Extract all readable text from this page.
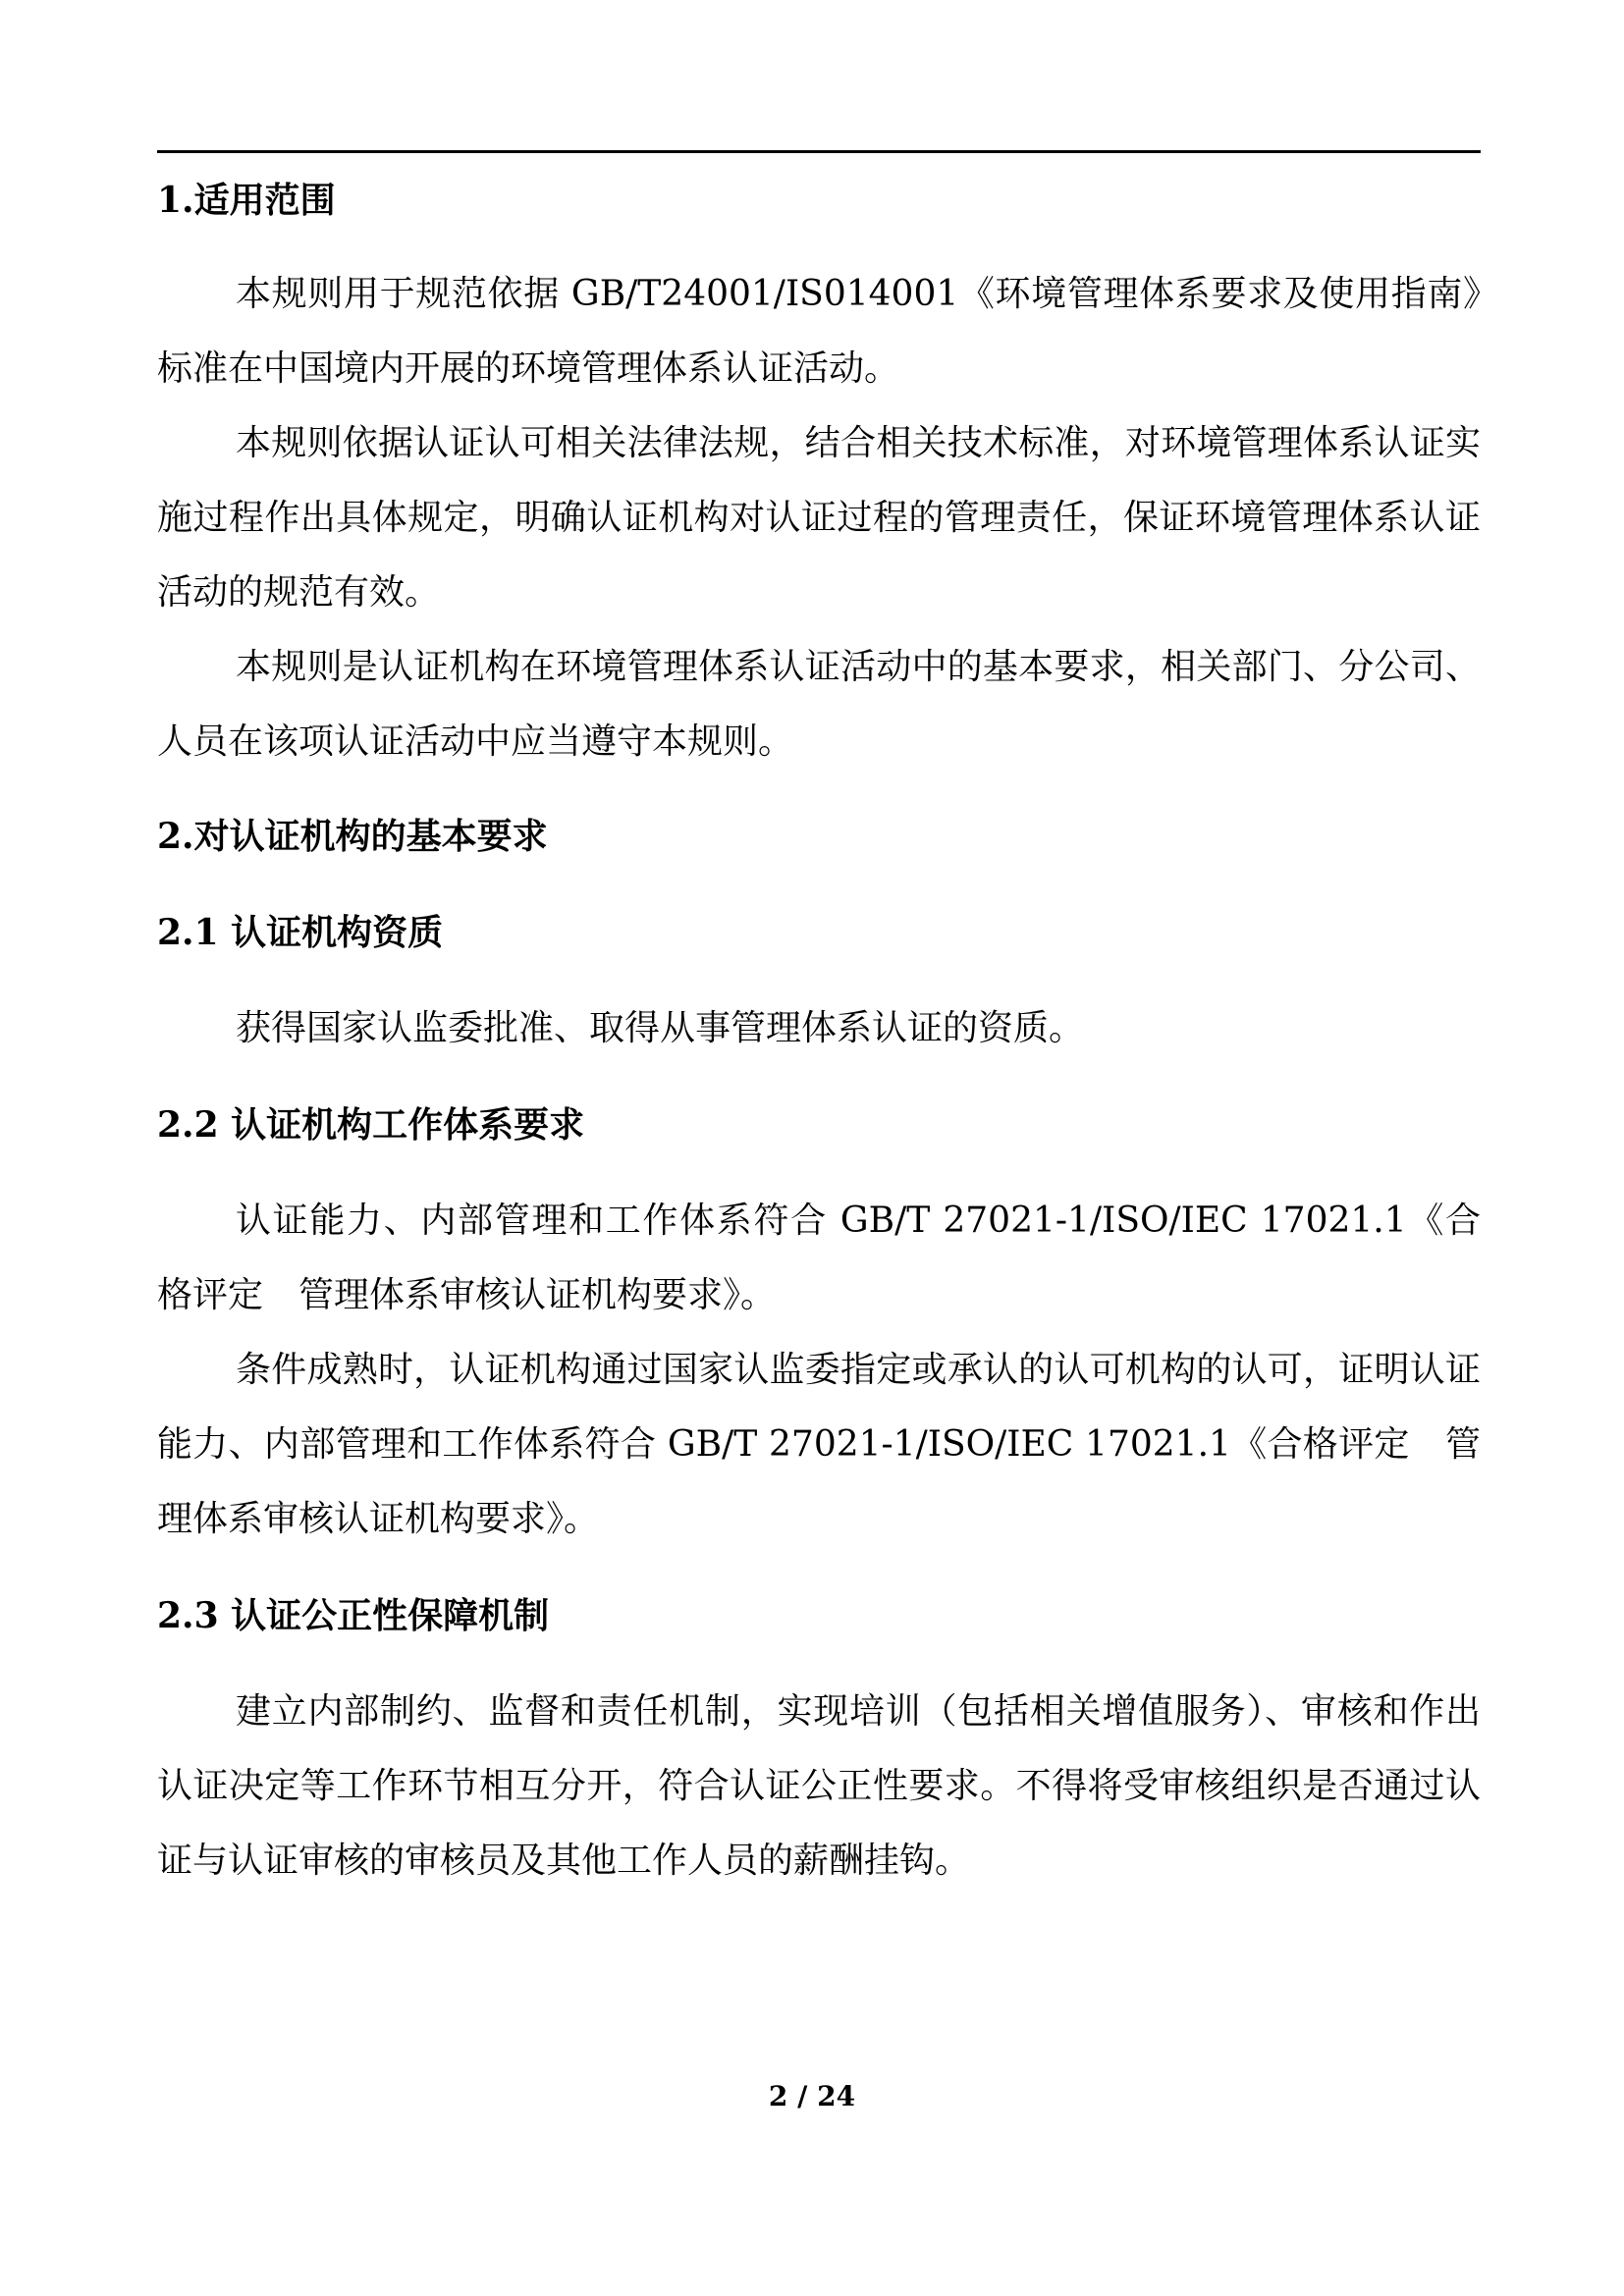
1.适用范围

本规则用于规范依据 GB/T24001/IS014001《环境管理体系要求及使用指南》标准在中国境内开展的环境管理体系认证活动。

本规则依据认证认可相关法律法规，结合相关技术标准，对环境管理体系认证实施过程作出具体规定，明确认证机构对认证过程的管理责任，保证环境管理体系认证活动的规范有效。

本规则是认证机构在环境管理体系认证活动中的基本要求，相关部门、分公司、人员在该项认证活动中应当遵守本规则。

2.对认证机构的基本要求
2.1 认证机构资质

获得国家认监委批准、取得从事管理体系认证的资质。

2.2 认证机构工作体系要求

认证能力、内部管理和工作体系符合 GB/T 27021-1/ISO/IEC 17021.1《合格评定　管理体系审核认证机构要求》。

条件成熟时，认证机构通过国家认监委指定或承认的认可机构的认可，证明认证能力、内部管理和工作体系符合 GB/T 27021-1/ISO/IEC 17021.1《合格评定　管理体系审核认证机构要求》。

2.3 认证公正性保障机制

建立内部制约、监督和责任机制，实现培训（包括相关增值服务）、审核和作出认证决定等工作环节相互分开，符合认证公正性要求。不得将受审核组织是否通过认证与认证审核的审核员及其他工作人员的薪酬挂钩。

2 / 24
